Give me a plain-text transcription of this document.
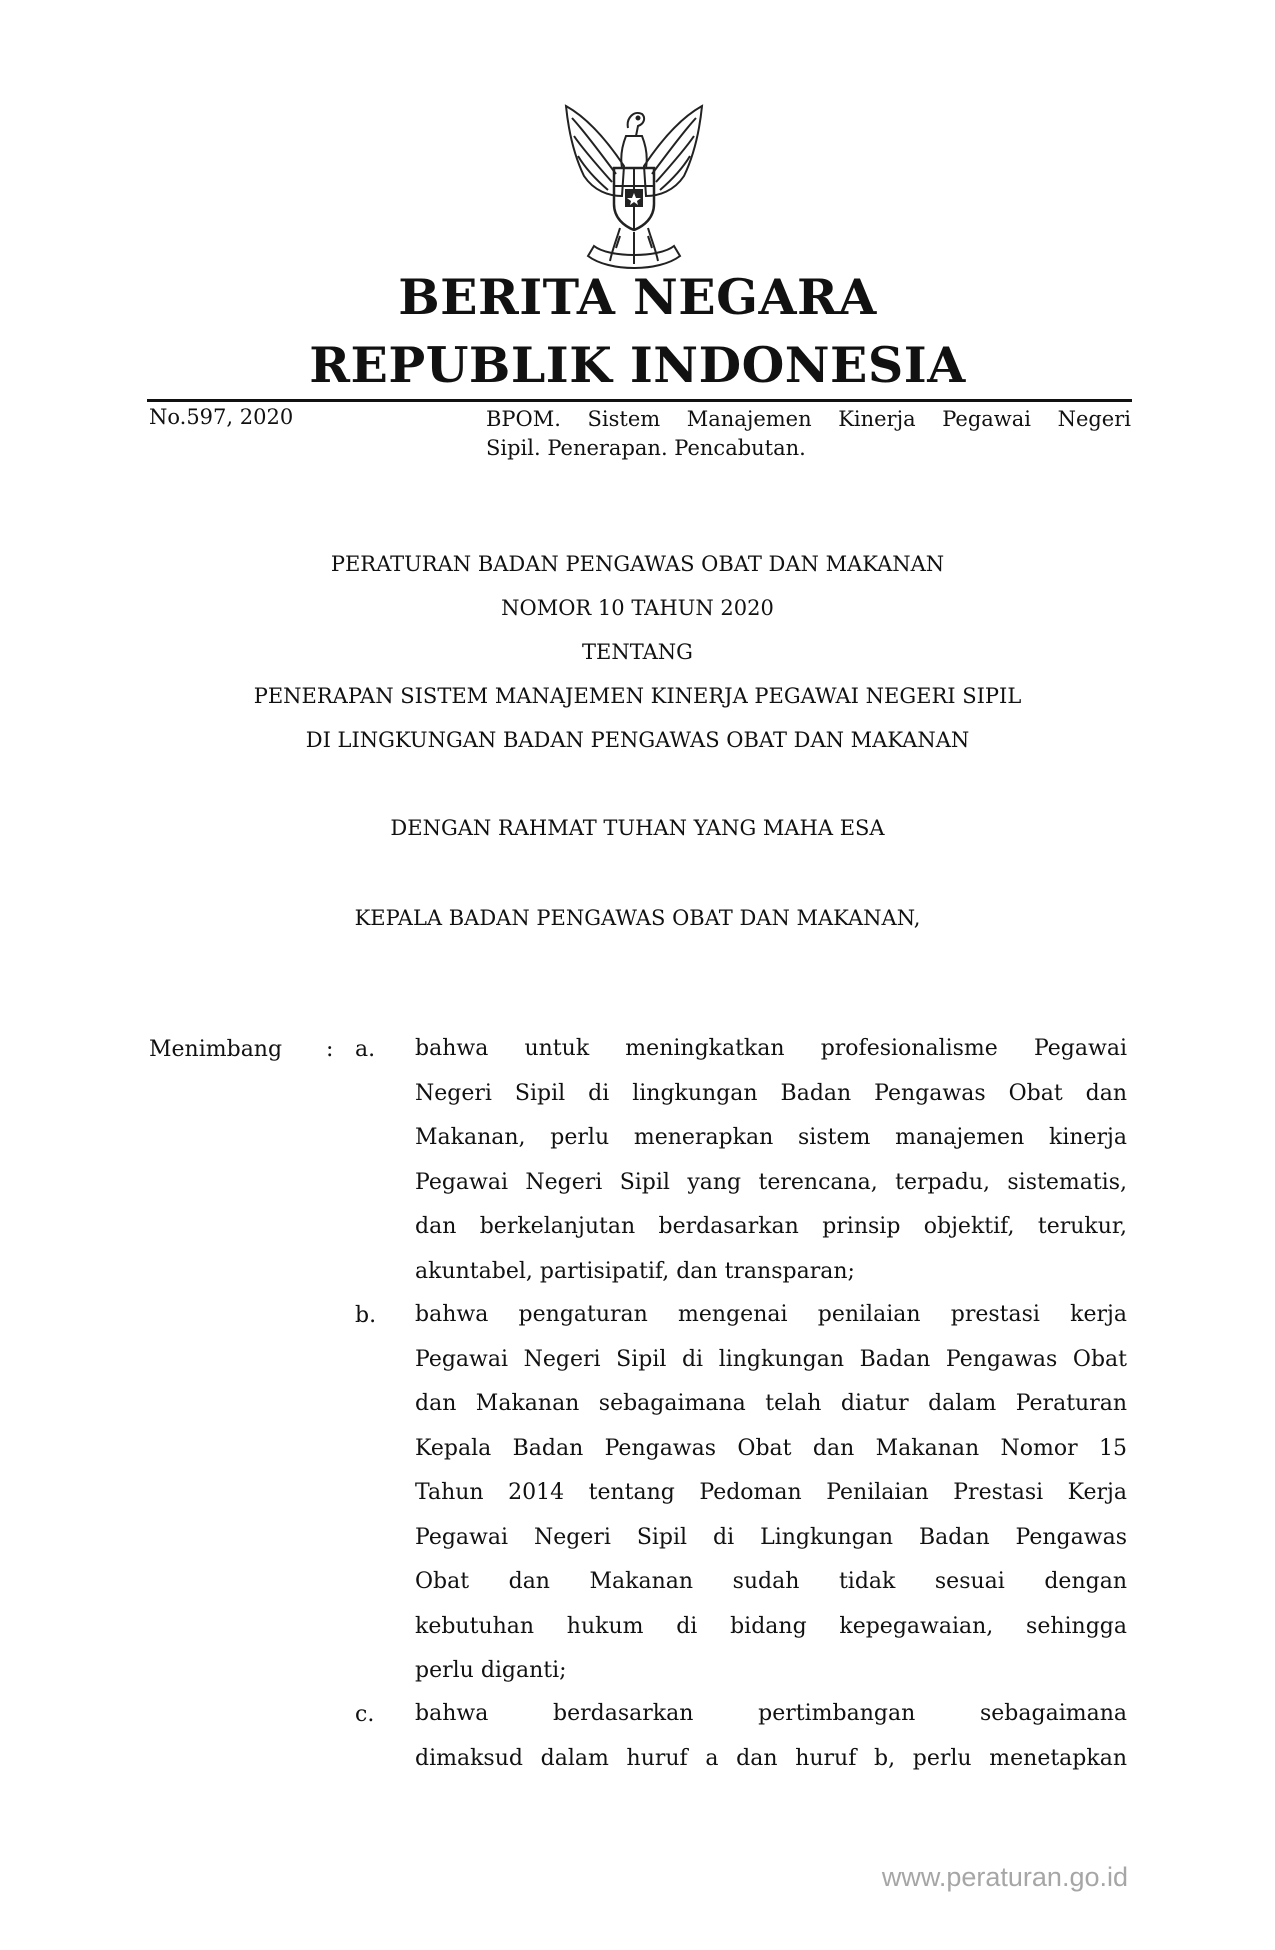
BERITA NEGARA
REPUBLIK INDONESIA
No.597, 2020	BPOM. Sistem Manajemen Kinerja Pegawai Negeri
Sipil. Penerapan. Pencabutan.
PERATURAN BADAN PENGAWAS OBAT DAN MAKANAN
NOMOR 10 TAHUN 2020
TENTANG
PENERAPAN SISTEM MANAJEMEN KINERJA PEGAWAI NEGERI SIPIL
DI LINGKUNGAN BADAN PENGAWAS OBAT DAN MAKANAN
DENGAN RAHMAT TUHAN YANG MAHA ESA
KEPALA BADAN PENGAWAS OBAT DAN MAKANAN,
Menimbang : a. bahwa untuk meningkatkan profesionalisme Pegawai
Negeri Sipil di lingkungan Badan Pengawas Obat dan
Makanan, perlu menerapkan sistem manajemen kinerja
Pegawai Negeri Sipil yang terencana, terpadu, sistematis,
dan berkelanjutan berdasarkan prinsip objektif, terukur,
akuntabel, partisipatif, dan transparan;
b. bahwa pengaturan mengenai penilaian prestasi kerja
Pegawai Negeri Sipil di lingkungan Badan Pengawas Obat
dan Makanan sebagaimana telah diatur dalam Peraturan
Kepala Badan Pengawas Obat dan Makanan Nomor 15
Tahun 2014 tentang Pedoman Penilaian Prestasi Kerja
Pegawai Negeri Sipil di Lingkungan Badan Pengawas
Obat dan Makanan sudah tidak sesuai dengan
kebutuhan hukum di bidang kepegawaian, sehingga
perlu diganti;
c. bahwa berdasarkan pertimbangan sebagaimana
dimaksud dalam huruf a dan huruf b, perlu menetapkan
www.peraturan.go.id
